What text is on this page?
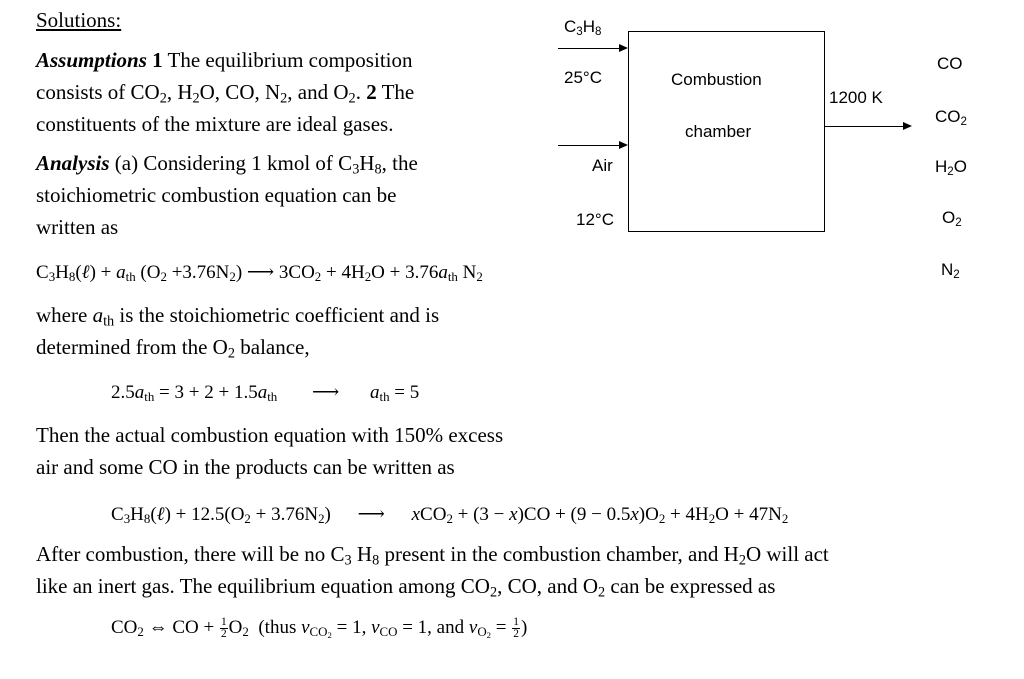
Solutions:
Assumptions 1 The equilibrium composition
consists of $CO_2$, $H_2O$, CO, $N_2$, and $O_2$. 2 The
constituents of the mixture are ideal gases.
Analysis (a) Considering 1 kmol of $C_3H_8$, the
stoichiometric combustion equation can be
written as
$C_3H_8(\ell) + a_{th}$ $(O_2 +3.76N_2)$ ⟶ $3CO_2 + 4H_2O + 3.76a_{th}$ $N_2$
where $a_{th}$ is the stoichiometric coefficient and is
determined from the $O_2$ balance,
$2.5a_{th} = 3 + 2 + 1.5a_{th}$ ⟶ $a_{th} = 5$
Then the actual combustion equation with 150% excess
air and some CO in the products can be written as
$C_3H_8(\ell) + 12.5(O_2 + 3.76N_2)$ ⟶ $xCO_2 + (3 - x)CO + (9 - 0.5x)O_2 + 4H_2O + 47N_2$
After combustion, there will be no $C_3$ $H_8$ present in the combustion chamber, and $H_2O$ will act
like an inert gas. The equilibrium equation among $CO_2$, CO, and $O_2$ can be expressed as
$CO_2$ ⇔ CO + $\frac{1}{2} O_2$  (thus $\nu_{CO_2} = 1$, $\nu_{CO} = 1$, and $\nu_{O_2} = \frac{1}{2}$ )
$C_3H_8$
25°C
Air
12°C
Combustion
chamber
1200 K
CO
$CO_2$
$H_2O$
$O_2$
$N_2$
